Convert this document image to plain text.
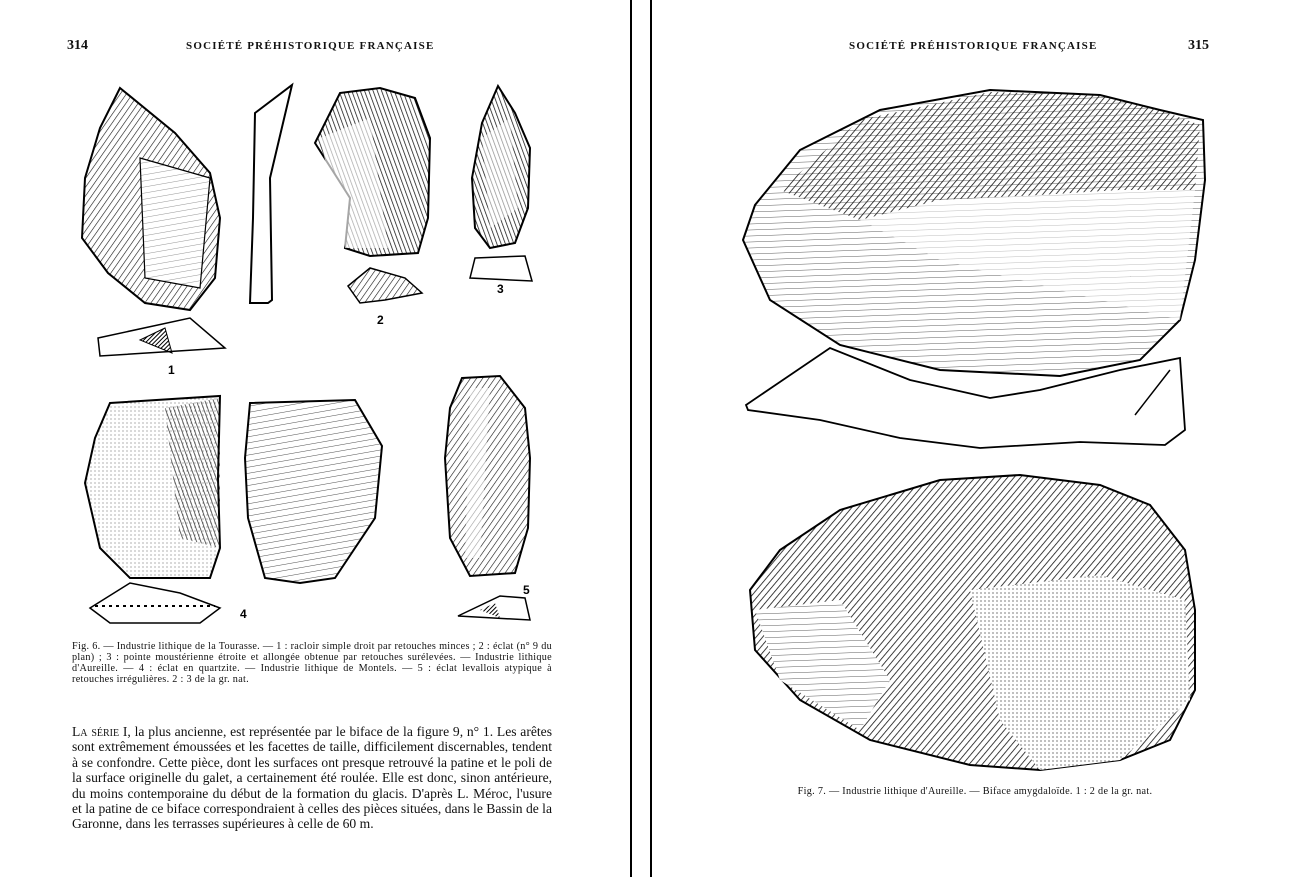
314	SOCIÉTÉ PRÉHISTORIQUE FRANÇAISE
1
2
3
4
5
Fig. 6. — Industrie lithique de la Tourasse. — 1 : racloir simple droit par retouches minces ; 2 : éclat (n° 9 du plan) ; 3 : pointe moustérienne étroite et allongée obtenue par retouches surélevées. — Industrie lithique d'Aureille. — 4 : éclat en quartzite. — Industrie lithique de Montels. — 5 : éclat levallois atypique à retouches irrégulières. 2 : 3 de la gr. nat.
La série I, la plus ancienne, est représentée par le biface de la figure 9, n° 1. Les arêtes sont extrêmement émoussées et les facettes de taille, difficilement discernables, tendent à se confondre. Cette pièce, dont les surfaces ont presque retrouvé la patine et le poli de la surface originelle du galet, a certainement été roulée. Elle est donc, sinon antérieure, du moins contemporaine du début de la formation du glacis. D'après L. Méroc, l'usure et la patine de ce biface correspondraient à celles des pièces situées, dans le Bassin de la Garonne, dans les terrasses supérieures à celle de 60 m.
SOCIÉTÉ PRÉHISTORIQUE FRANÇAISE	315
Fig. 7. — Industrie lithique d'Aureille. — Biface amygdaloïde. 1 : 2 de la gr. nat.
